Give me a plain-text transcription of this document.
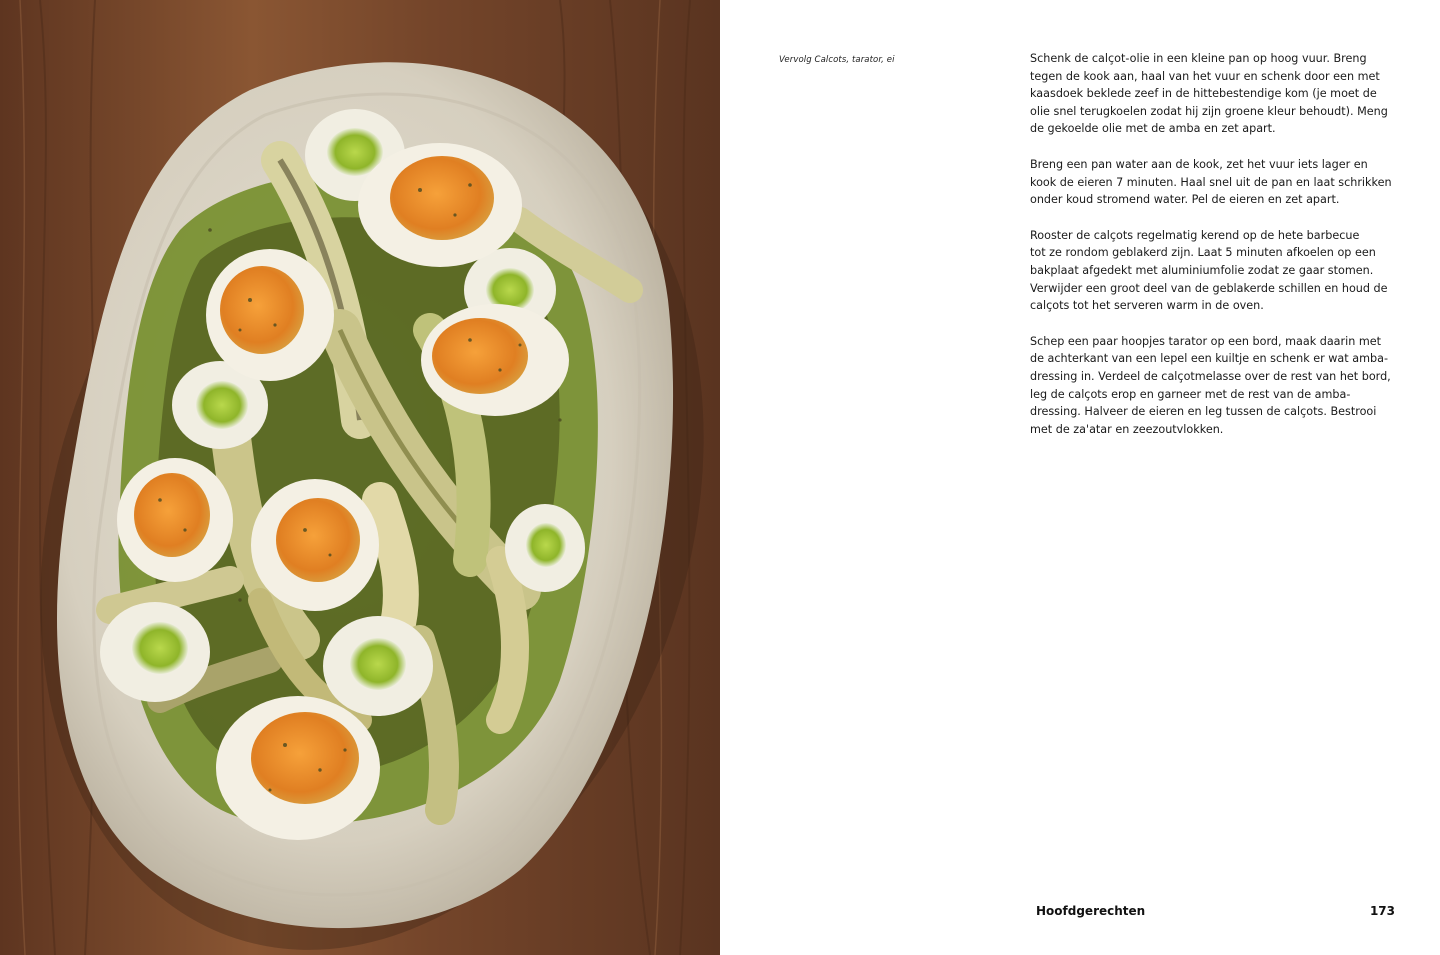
Vervolg Calcots, tarator, ei	Schenk de calçot-olie in een kleine pan op hoog vuur. Breng
tegen de kook aan, haal van het vuur en schenk door een met
kaasdoek beklede zeef in de hittebestendige kom (je moet de
olie snel terugkoelen zodat hij zijn groene kleur behoudt). Meng
de gekoelde olie met de amba en zet apart.

Breng een pan water aan de kook, zet het vuur iets lager en
kook de eieren 7 minuten. Haal snel uit de pan en laat schrikken
onder koud stromend water. Pel de eieren en zet apart.

Rooster de calçots regelmatig kerend op de hete barbecue
tot ze rondom geblakerd zijn. Laat 5 minuten afkoelen op een
bakplaat afgedekt met aluminiumfolie zodat ze gaar stomen.
Verwijder een groot deel van de geblakerde schillen en houd de
calçots tot het serveren warm in de oven.

Schep een paar hoopjes tarator op een bord, maak daarin met
de achterkant van een lepel een kuiltje en schenk er wat amba-
dressing in. Verdeel de calçotmelasse over de rest van het bord,
leg de calçots erop en garneer met de rest van de amba-
dressing. Halveer de eieren en leg tussen de calçots. Bestrooi
met de za'atar en zeezoutvlokken.

Hoofdgerechten	173
